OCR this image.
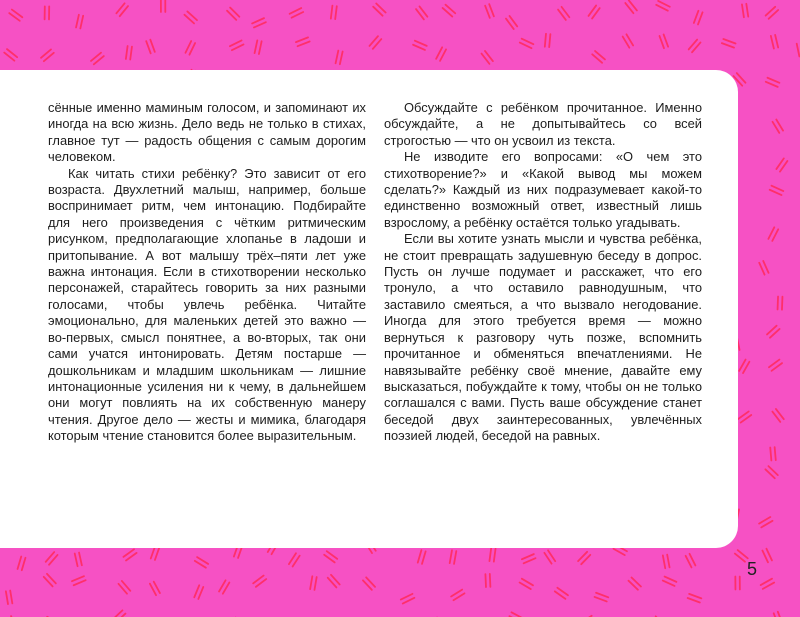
сённые именно маминым голосом, и запоминают их иногда на всю жизнь. Дело ведь не только в стихах, главное тут — радость общения с самым дорогим человеком.

Как читать стихи ребёнку? Это зависит от его возраста. Двухлетний малыш, например, больше воспринимает ритм, чем интонацию. Подбирайте для него произведения с чётким ритмическим рисунком, предполагающие хлопанье в ладоши и притопывание. А вот малышу трёх–пяти лет уже важна интонация. Если в стихотворении несколько персонажей, старайтесь говорить за них разными голосами, чтобы увлечь ребёнка. Читайте эмоционально, для маленьких детей это важно — во-первых, смысл понятнее, а во-вторых, так они сами учатся интонировать. Детям постарше — дошкольникам и младшим школьникам — лишние интонационные усиления ни к чему, в дальнейшем они могут повлиять на их собственную манеру чтения. Другое дело — жесты и мимика, благодаря которым чтение становится более выразительным.

Обсуждайте с ребёнком прочитанное. Именно обсуждайте, а не допытывайтесь со всей строгостью — что он усвоил из текста.

Не изводите его вопросами: «О чем это стихотворение?» и «Какой вывод мы можем сделать?» Каждый из них подразумевает какой-то единственно возможный ответ, известный лишь взрослому, а ребёнку остаётся только угадывать.

Если вы хотите узнать мысли и чувства ребёнка, не стоит превращать задушевную беседу в допрос. Пусть он лучше подумает и расскажет, что его тронуло, а что оставило равнодушным, что заставило смеяться, а что вызвало негодование. Иногда для этого требуется время — можно вернуться к разговору чуть позже, вспомнить прочитанное и обменяться впечатлениями. Не навязывайте ребёнку своё мнение, давайте ему высказаться, побуждайте к тому, чтобы он не только соглашался с вами. Пусть ваше обсуждение станет беседой двух заинтересованных, увлечённых поэзией людей, беседой на равных.

5
